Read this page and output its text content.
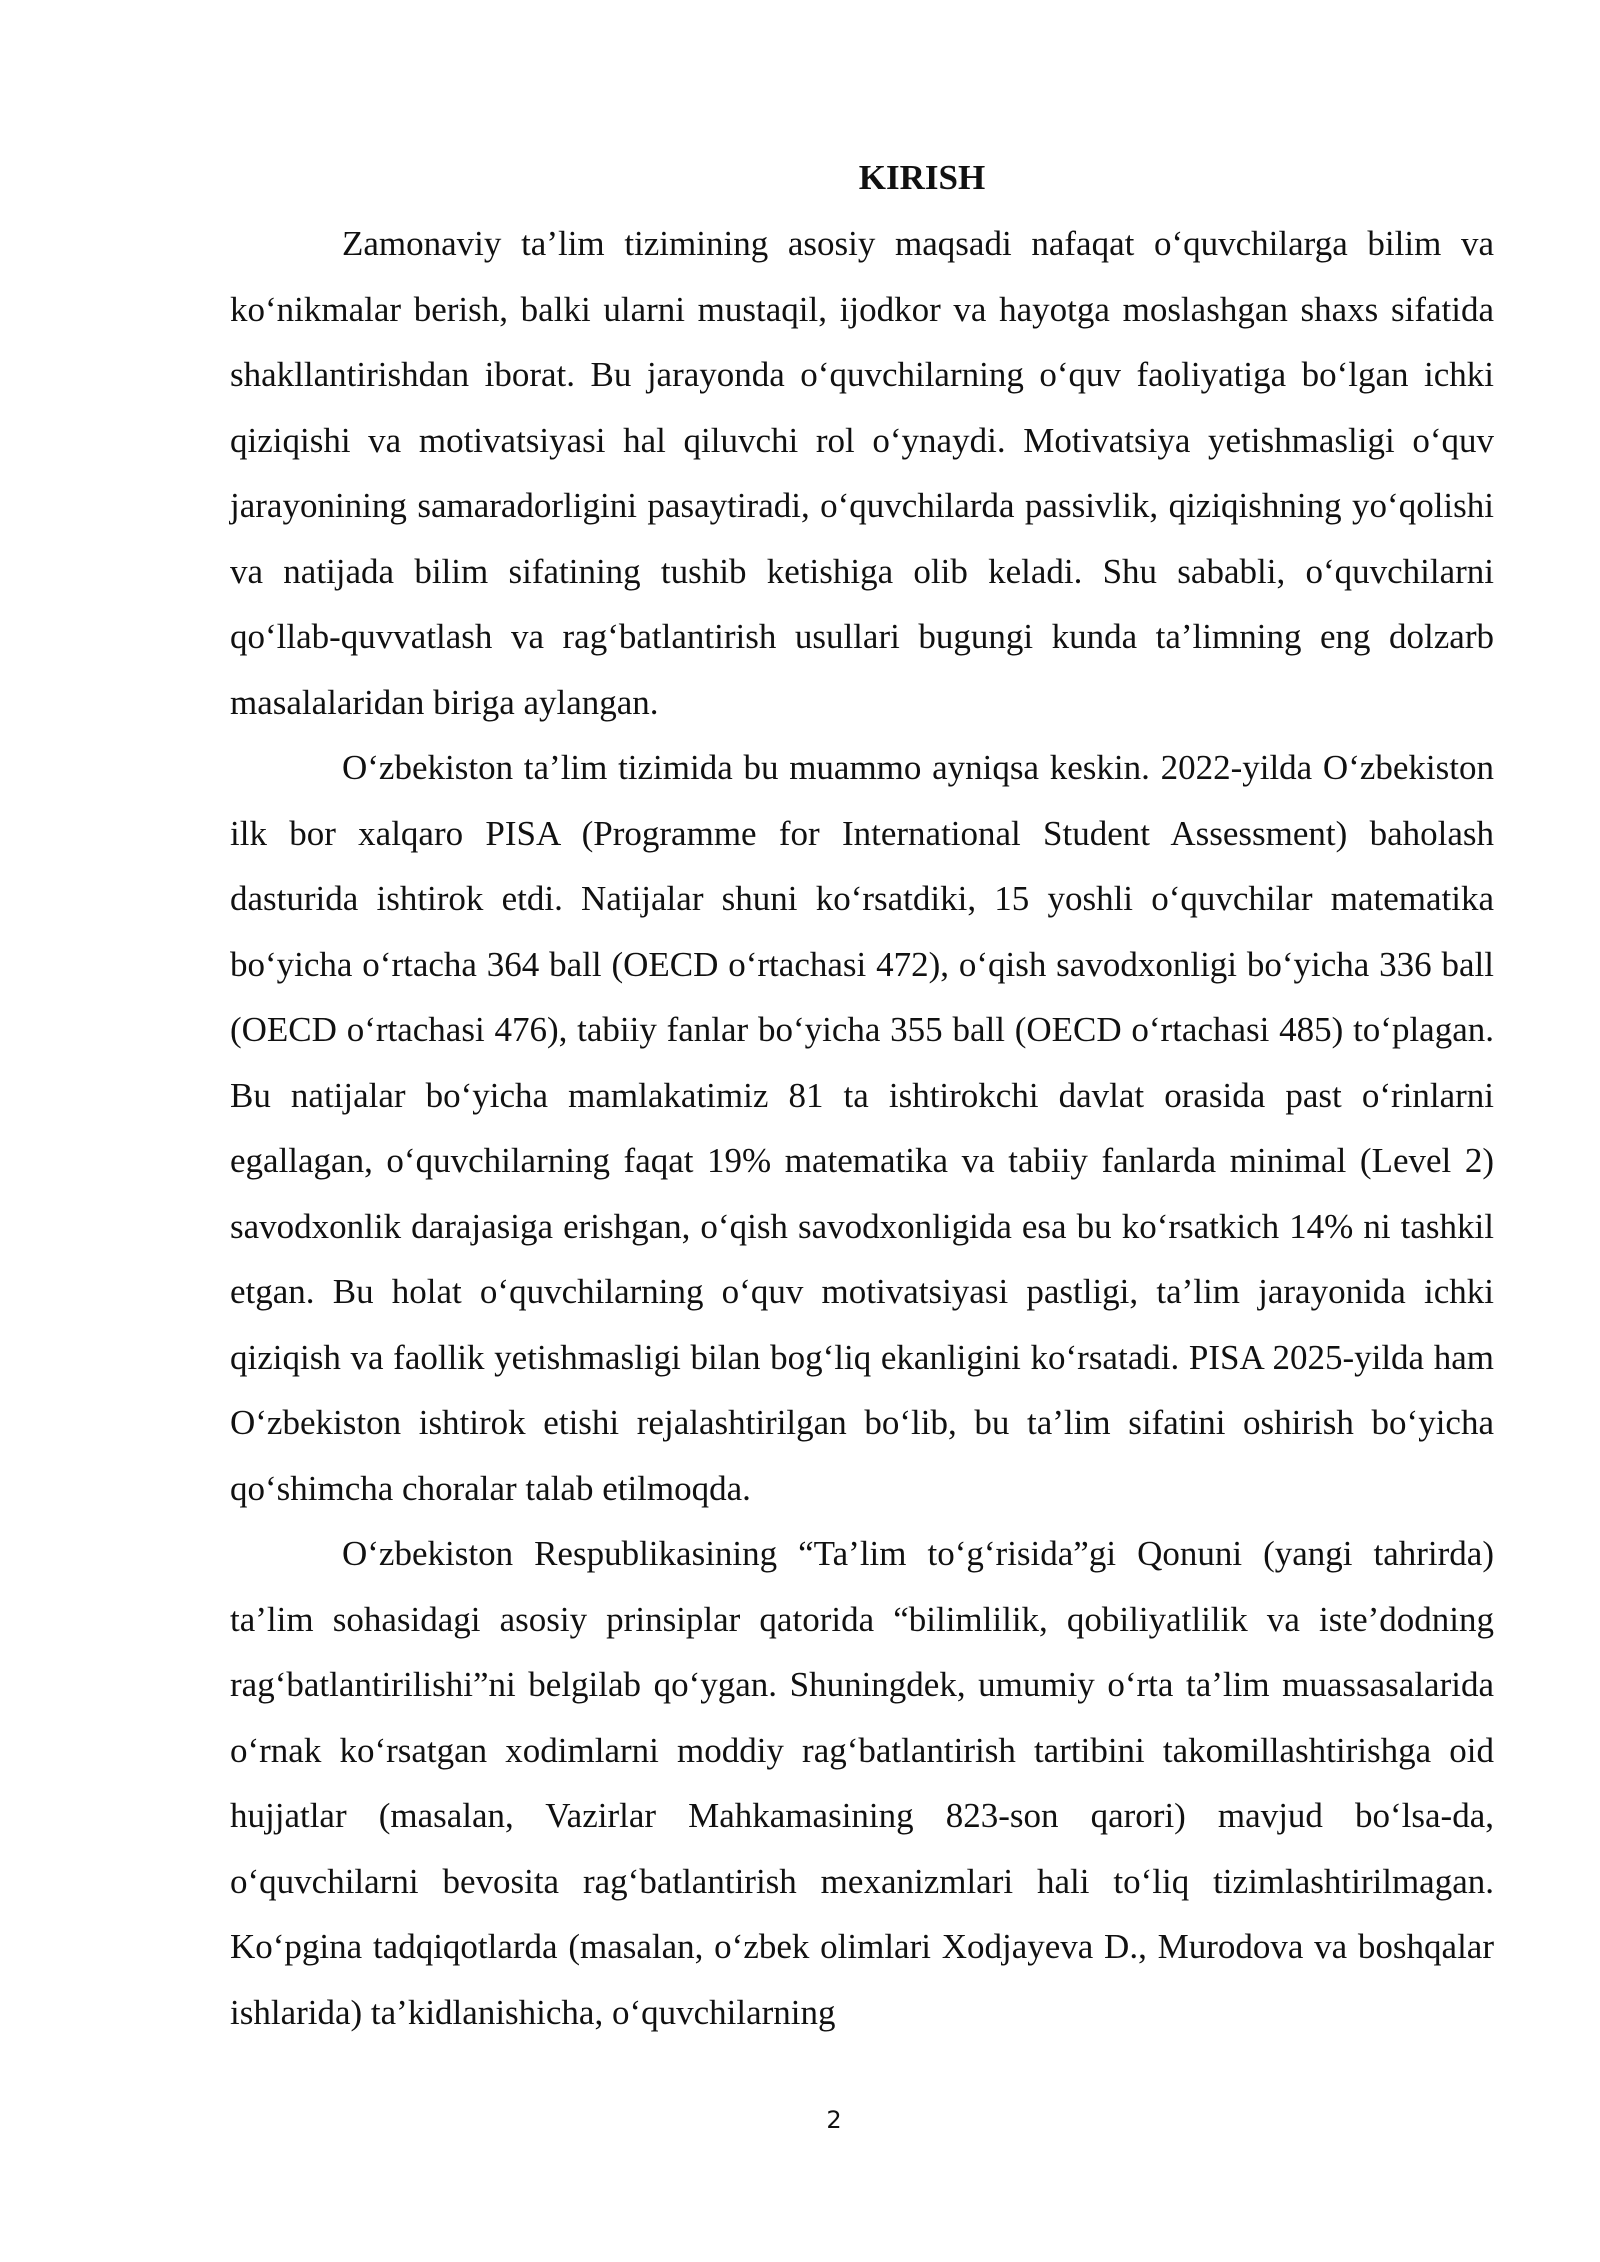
KIRISH

Zamonaviy ta’lim tizimining asosiy maqsadi nafaqat o‘quvchilarga bilim va ko‘nikmalar berish, balki ularni mustaqil, ijodkor va hayotga moslashgan shaxs sifatida shakllantirishdan iborat. Bu jarayonda o‘quvchilarning o‘quv faoliyatiga bo‘lgan ichki qiziqishi va motivatsiyasi hal qiluvchi rol o‘ynaydi. Motivatsiya yetishmasligi o‘quv jarayonining samaradorligini pasaytiradi, o‘quvchilarda passivlik, qiziqishning yo‘qolishi va natijada bilim sifatining tushib ketishiga olib keladi. Shu sababli, o‘quvchilarni qo‘llab-quvvatlash va rag‘batlantirish usullari bugungi kunda ta’limning eng dolzarb masalalaridan biriga aylangan.

O‘zbekiston ta’lim tizimida bu muammo ayniqsa keskin. 2022-yilda O‘zbekiston ilk bor xalqaro PISA (Programme for International Student Assessment) baholash dasturida ishtirok etdi. Natijalar shuni ko‘rsatdiki, 15 yoshli o‘quvchilar matematika bo‘yicha o‘rtacha 364 ball (OECD o‘rtachasi 472), o‘qish savodxonligi bo‘yicha 336 ball (OECD o‘rtachasi 476), tabiiy fanlar bo‘yicha 355 ball (OECD o‘rtachasi 485) to‘plagan. Bu natijalar bo‘yicha mamlakatimiz 81 ta ishtirokchi davlat orasida past o‘rinlarni egallagan, o‘quvchilarning faqat 19% matematika va tabiiy fanlarda minimal (Level 2) savodxonlik darajasiga erishgan, o‘qish savodxonligida esa bu ko‘rsatkich 14% ni tashkil etgan. Bu holat o‘quvchilarning o‘quv motivatsiyasi pastligi, ta’lim jarayonida ichki qiziqish va faollik yetishmasligi bilan bog‘liq ekanligini ko‘rsatadi. PISA 2025-yilda ham O‘zbekiston ishtirok etishi rejalashtirilgan bo‘lib, bu ta’lim sifatini oshirish bo‘yicha qo‘shimcha choralar talab etilmoqda.

O‘zbekiston Respublikasining “Ta’lim to‘g‘risida”gi Qonuni (yangi tahrirda) ta’lim sohasidagi asosiy prinsiplar qatorida “bilimlilik, qobiliyatlilik va iste’dodning rag‘batlantirilishi”ni belgilab qo‘ygan. Shuningdek, umumiy o‘rta ta’lim muassasalarida o‘rnak ko‘rsatgan xodimlarni moddiy rag‘batlantirish tartibini takomillashtirishga oid hujjatlar (masalan, Vazirlar Mahkamasining 823-son qarori) mavjud bo‘lsa-da, o‘quvchilarni bevosita rag‘batlantirish mexanizmlari hali to‘liq tizimlashtirilmagan. Ko‘pgina tadqiqotlarda (masalan, o‘zbek olimlari Xodjayeva D., Murodova va boshqalar ishlarida) ta’kidlanishicha, o‘quvchilarning

2
